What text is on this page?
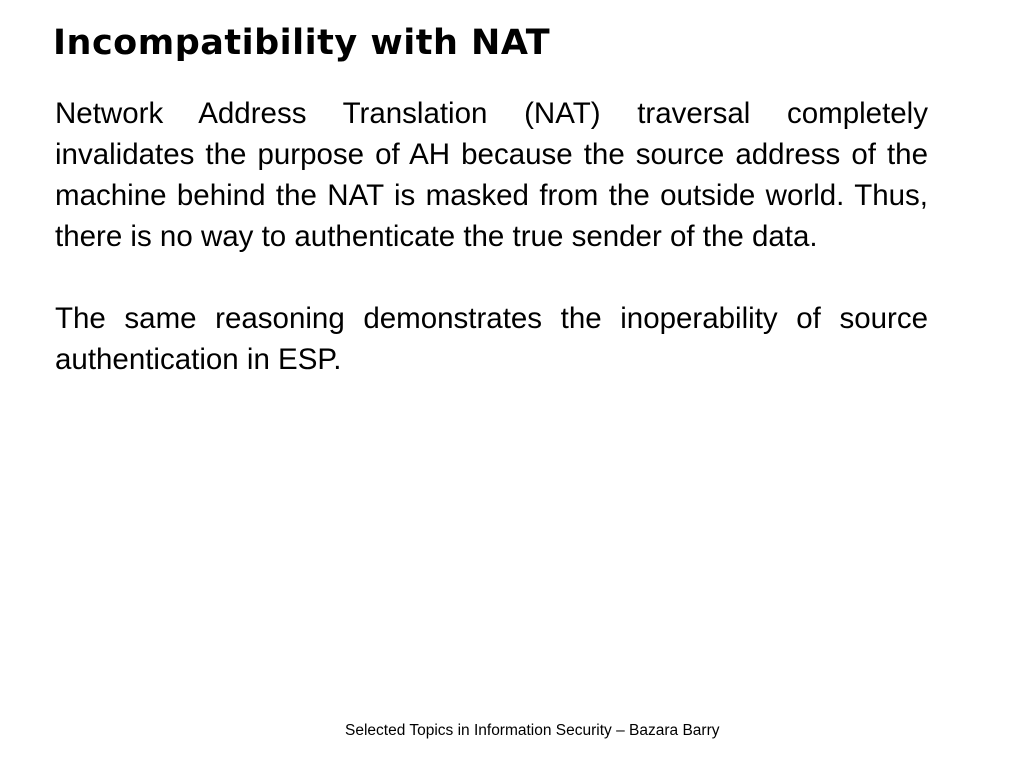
Incompatibility with NAT

Network Address Translation (NAT) traversal completely invalidates the purpose of AH because the source address of the machine behind the NAT is masked from the outside world. Thus, there is no way to authenticate the true sender of the data.

The same reasoning demonstrates the inoperability of source authentication in ESP.

Selected Topics in Information Security – Bazara Barry
